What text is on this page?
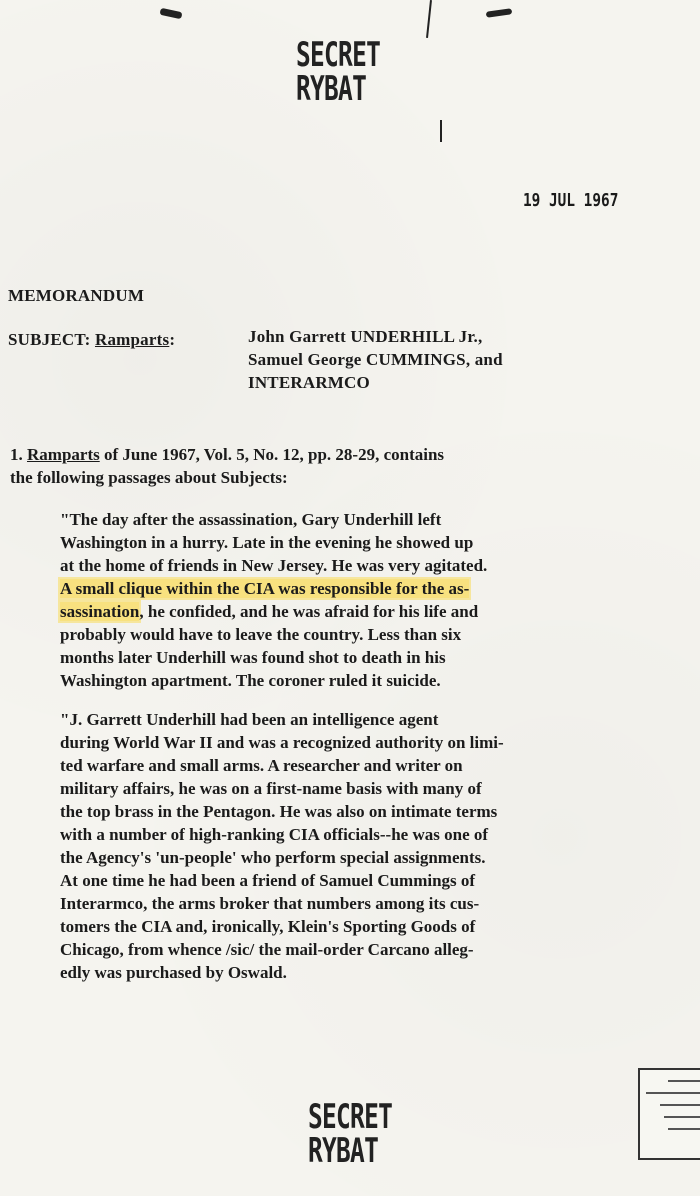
SECRET
RYBAT
19 JUL 1967
MEMORANDUM
SUBJECT: Ramparts:	John Garrett UNDERHILL Jr.,
Samuel George CUMMINGS, and
INTERARMCO
1. Ramparts of June 1967, Vol. 5, No. 12, pp. 28-29, contains
the following passages about Subjects:
"The day after the assassination, Gary Underhill left
Washington in a hurry. Late in the evening he showed up
at the home of friends in New Jersey. He was very agitated.
A small clique within the CIA was responsible for the as-
sassination, he confided, and he was afraid for his life and
probably would have to leave the country. Less than six
months later Underhill was found shot to death in his
Washington apartment. The coroner ruled it suicide.
"J. Garrett Underhill had been an intelligence agent
during World War II and was a recognized authority on limi-
ted warfare and small arms. A researcher and writer on
military affairs, he was on a first-name basis with many of
the top brass in the Pentagon. He was also on intimate terms
with a number of high-ranking CIA officials--he was one of
the Agency's 'un-people' who perform special assignments.
At one time he had been a friend of Samuel Cummings of
Interarmco, the arms broker that numbers among its cus-
tomers the CIA and, ironically, Klein's Sporting Goods of
Chicago, from whence /sic/ the mail-order Carcano alleg-
edly was purchased by Oswald.
SECRET
RYBAT
